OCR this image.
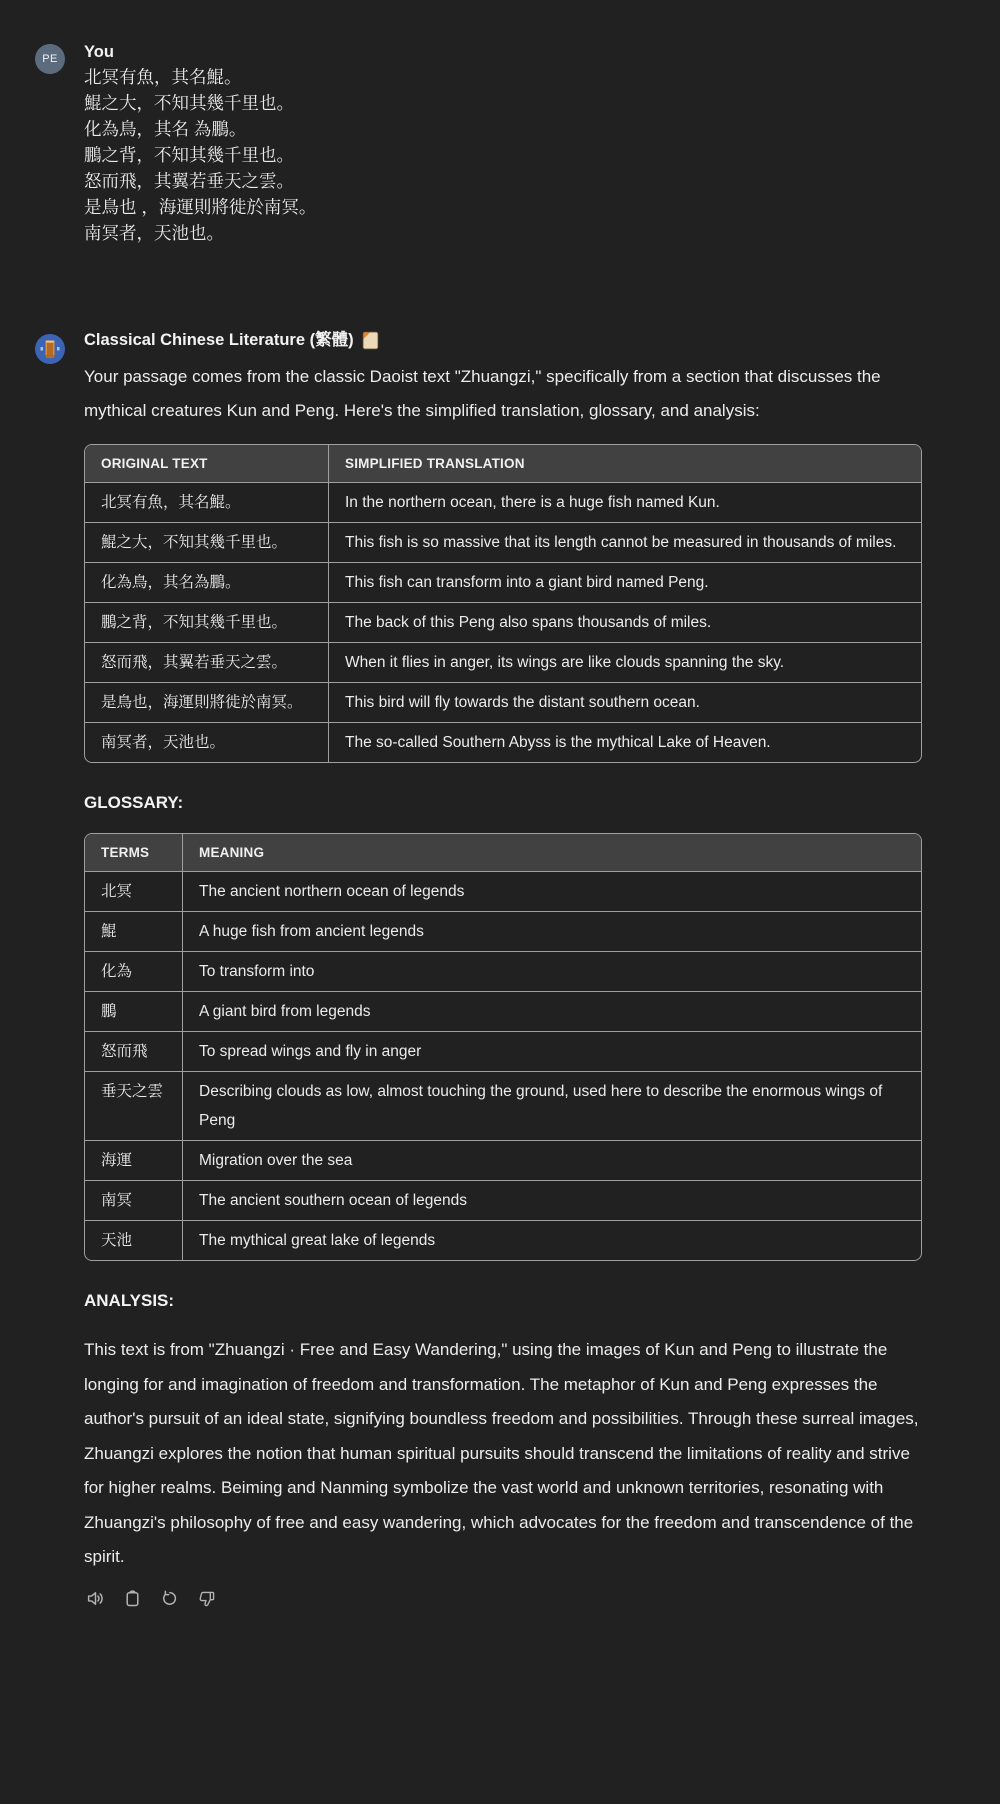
PE You
北冥有魚，其名鯤。
鯤之大，不知其幾千里也。
化為鳥，其名 為鵬。
鵬之背，不知其幾千里也。
怒而飛，其翼若垂天之雲。
是鳥也 ，海運則將徙於南冥。
南冥者，天池也。
Classical Chinese Literature (繁體)

Your passage comes from the classic Daoist text "Zhuangzi," specifically from a section that discusses the mythical creatures Kun and Peng. Here's the simplified translation, glossary, and analysis:

ORIGINAL TEXT	SIMPLIFIED TRANSLATION
北冥有魚，其名鯤。	In the northern ocean, there is a huge fish named Kun.
鯤之大，不知其幾千里也。	This fish is so massive that its length cannot be measured in thousands of miles.
化為鳥，其名為鵬。	This fish can transform into a giant bird named Peng.
鵬之背，不知其幾千里也。	The back of this Peng also spans thousands of miles.
怒而飛，其翼若垂天之雲。	When it flies in anger, its wings are like clouds spanning the sky.
是鳥也，海運則將徙於南冥。	This bird will fly towards the distant southern ocean.
南冥者，天池也。	The so-called Southern Abyss is the mythical Lake of Heaven.
GLOSSARY:
TERMS	MEANING
北冥	The ancient northern ocean of legends
鯤	A huge fish from ancient legends
化為	To transform into
鵬	A giant bird from legends
怒而飛	To spread wings and fly in anger
垂天之雲	Describing clouds as low, almost touching the ground, used here to describe the enormous wings of Peng
海運	Migration over the sea
南冥	The ancient southern ocean of legends
天池	The mythical great lake of legends
ANALYSIS:

This text is from "Zhuangzi · Free and Easy Wandering," using the images of Kun and Peng to illustrate the longing for and imagination of freedom and transformation. The metaphor of Kun and Peng expresses the author's pursuit of an ideal state, signifying boundless freedom and possibilities. Through these surreal images, Zhuangzi explores the notion that human spiritual pursuits should transcend the limitations of reality and strive for higher realms. Beiming and Nanming symbolize the vast world and unknown territories, resonating with Zhuangzi's philosophy of free and easy wandering, which advocates for the freedom and transcendence of the spirit.
